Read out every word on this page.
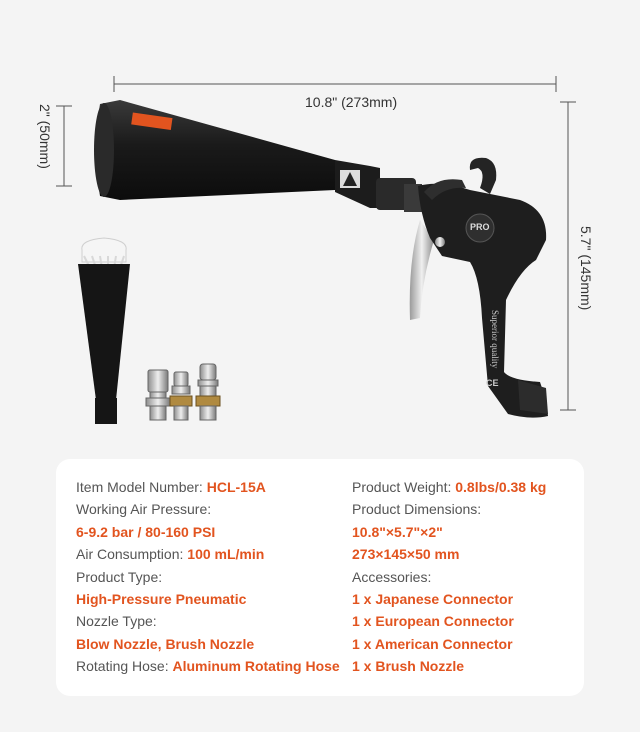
10.8" (273mm)
2" (50mm)
5.7" (145mm)
PRO
Superior quality
CE
Item Model Number: HCL-15A
Working Air Pressure:
6-9.2 bar / 80-160 PSI
Air Consumption: 100 mL/min
Product Type:
High-Pressure Pneumatic
Nozzle Type:
Blow Nozzle, Brush Nozzle
Rotating Hose: Aluminum Rotating Hose
Product Weight: 0.8lbs/0.38 kg
Product Dimensions:
10.8"×5.7"×2"
273×145×50 mm
Accessories:
1 x Japanese Connector
1 x European Connector
1 x American Connector
1 x Brush Nozzle
